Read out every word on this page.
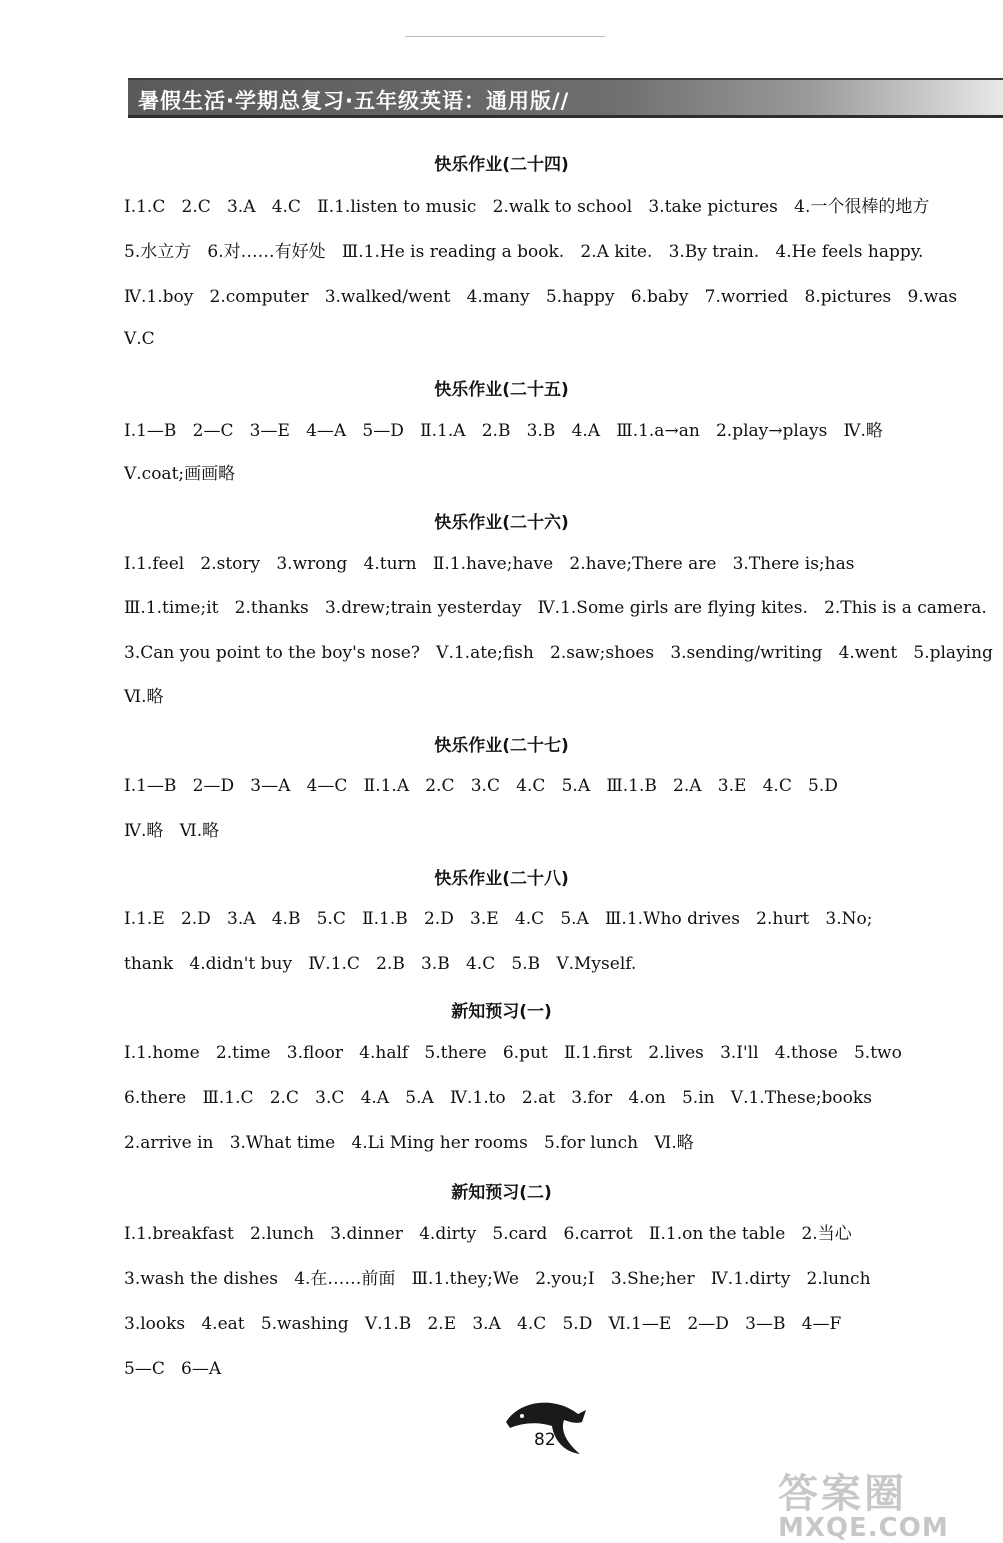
暑假生活·学期总复习·五年级英语：通用版//
快乐作业(二十四)
Ⅰ.1.C   2.C   3.A   4.C   Ⅱ.1.listen to music   2.walk to school   3.take pictures   4.一个很棒的地方
5.水立方   6.对……有好处   Ⅲ.1.He is reading a book.   2.A kite.   3.By train.   4.He feels happy.
Ⅳ.1.boy   2.computer   3.walked/went   4.many   5.happy   6.baby   7.worried   8.pictures   9.was
Ⅴ.C
快乐作业(二十五)
Ⅰ.1—B   2—C   3—E   4—A   5—D   Ⅱ.1.A   2.B   3.B   4.A   Ⅲ.1.a→an   2.play→plays   Ⅳ.略
Ⅴ.coat;画画略
快乐作业(二十六)
Ⅰ.1.feel   2.story   3.wrong   4.turn   Ⅱ.1.have;have   2.have;There are   3.There is;has
Ⅲ.1.time;it   2.thanks   3.drew;train yesterday   Ⅳ.1.Some girls are flying kites.   2.This is a camera.
3.Can you point to the boy's nose?   Ⅴ.1.ate;fish   2.saw;shoes   3.sending/writing   4.went   5.playing
Ⅵ.略
快乐作业(二十七)
Ⅰ.1—B   2—D   3—A   4—C   Ⅱ.1.A   2.C   3.C   4.C   5.A   Ⅲ.1.B   2.A   3.E   4.C   5.D
Ⅳ.略   Ⅵ.略
快乐作业(二十八)
Ⅰ.1.E   2.D   3.A   4.B   5.C   Ⅱ.1.B   2.D   3.E   4.C   5.A   Ⅲ.1.Who drives   2.hurt   3.No;
thank   4.didn't buy   Ⅳ.1.C   2.B   3.B   4.C   5.B   Ⅴ.Myself.
新知预习(一)
Ⅰ.1.home   2.time   3.floor   4.half   5.there   6.put   Ⅱ.1.first   2.lives   3.I'll   4.those   5.two
6.there   Ⅲ.1.C   2.C   3.C   4.A   5.A   Ⅳ.1.to   2.at   3.for   4.on   5.in   Ⅴ.1.These;books
2.arrive in   3.What time   4.Li Ming her rooms   5.for lunch   Ⅵ.略
新知预习(二)
Ⅰ.1.breakfast   2.lunch   3.dinner   4.dirty   5.card   6.carrot   Ⅱ.1.on the table   2.当心
3.wash the dishes   4.在……前面   Ⅲ.1.they;We   2.you;I   3.She;her   Ⅳ.1.dirty   2.lunch
3.looks   4.eat   5.washing   Ⅴ.1.B   2.E   3.A   4.C   5.D   Ⅵ.1—E   2—D   3—B   4—F
5—C   6—A
82
答案圈
MXQE.COM
